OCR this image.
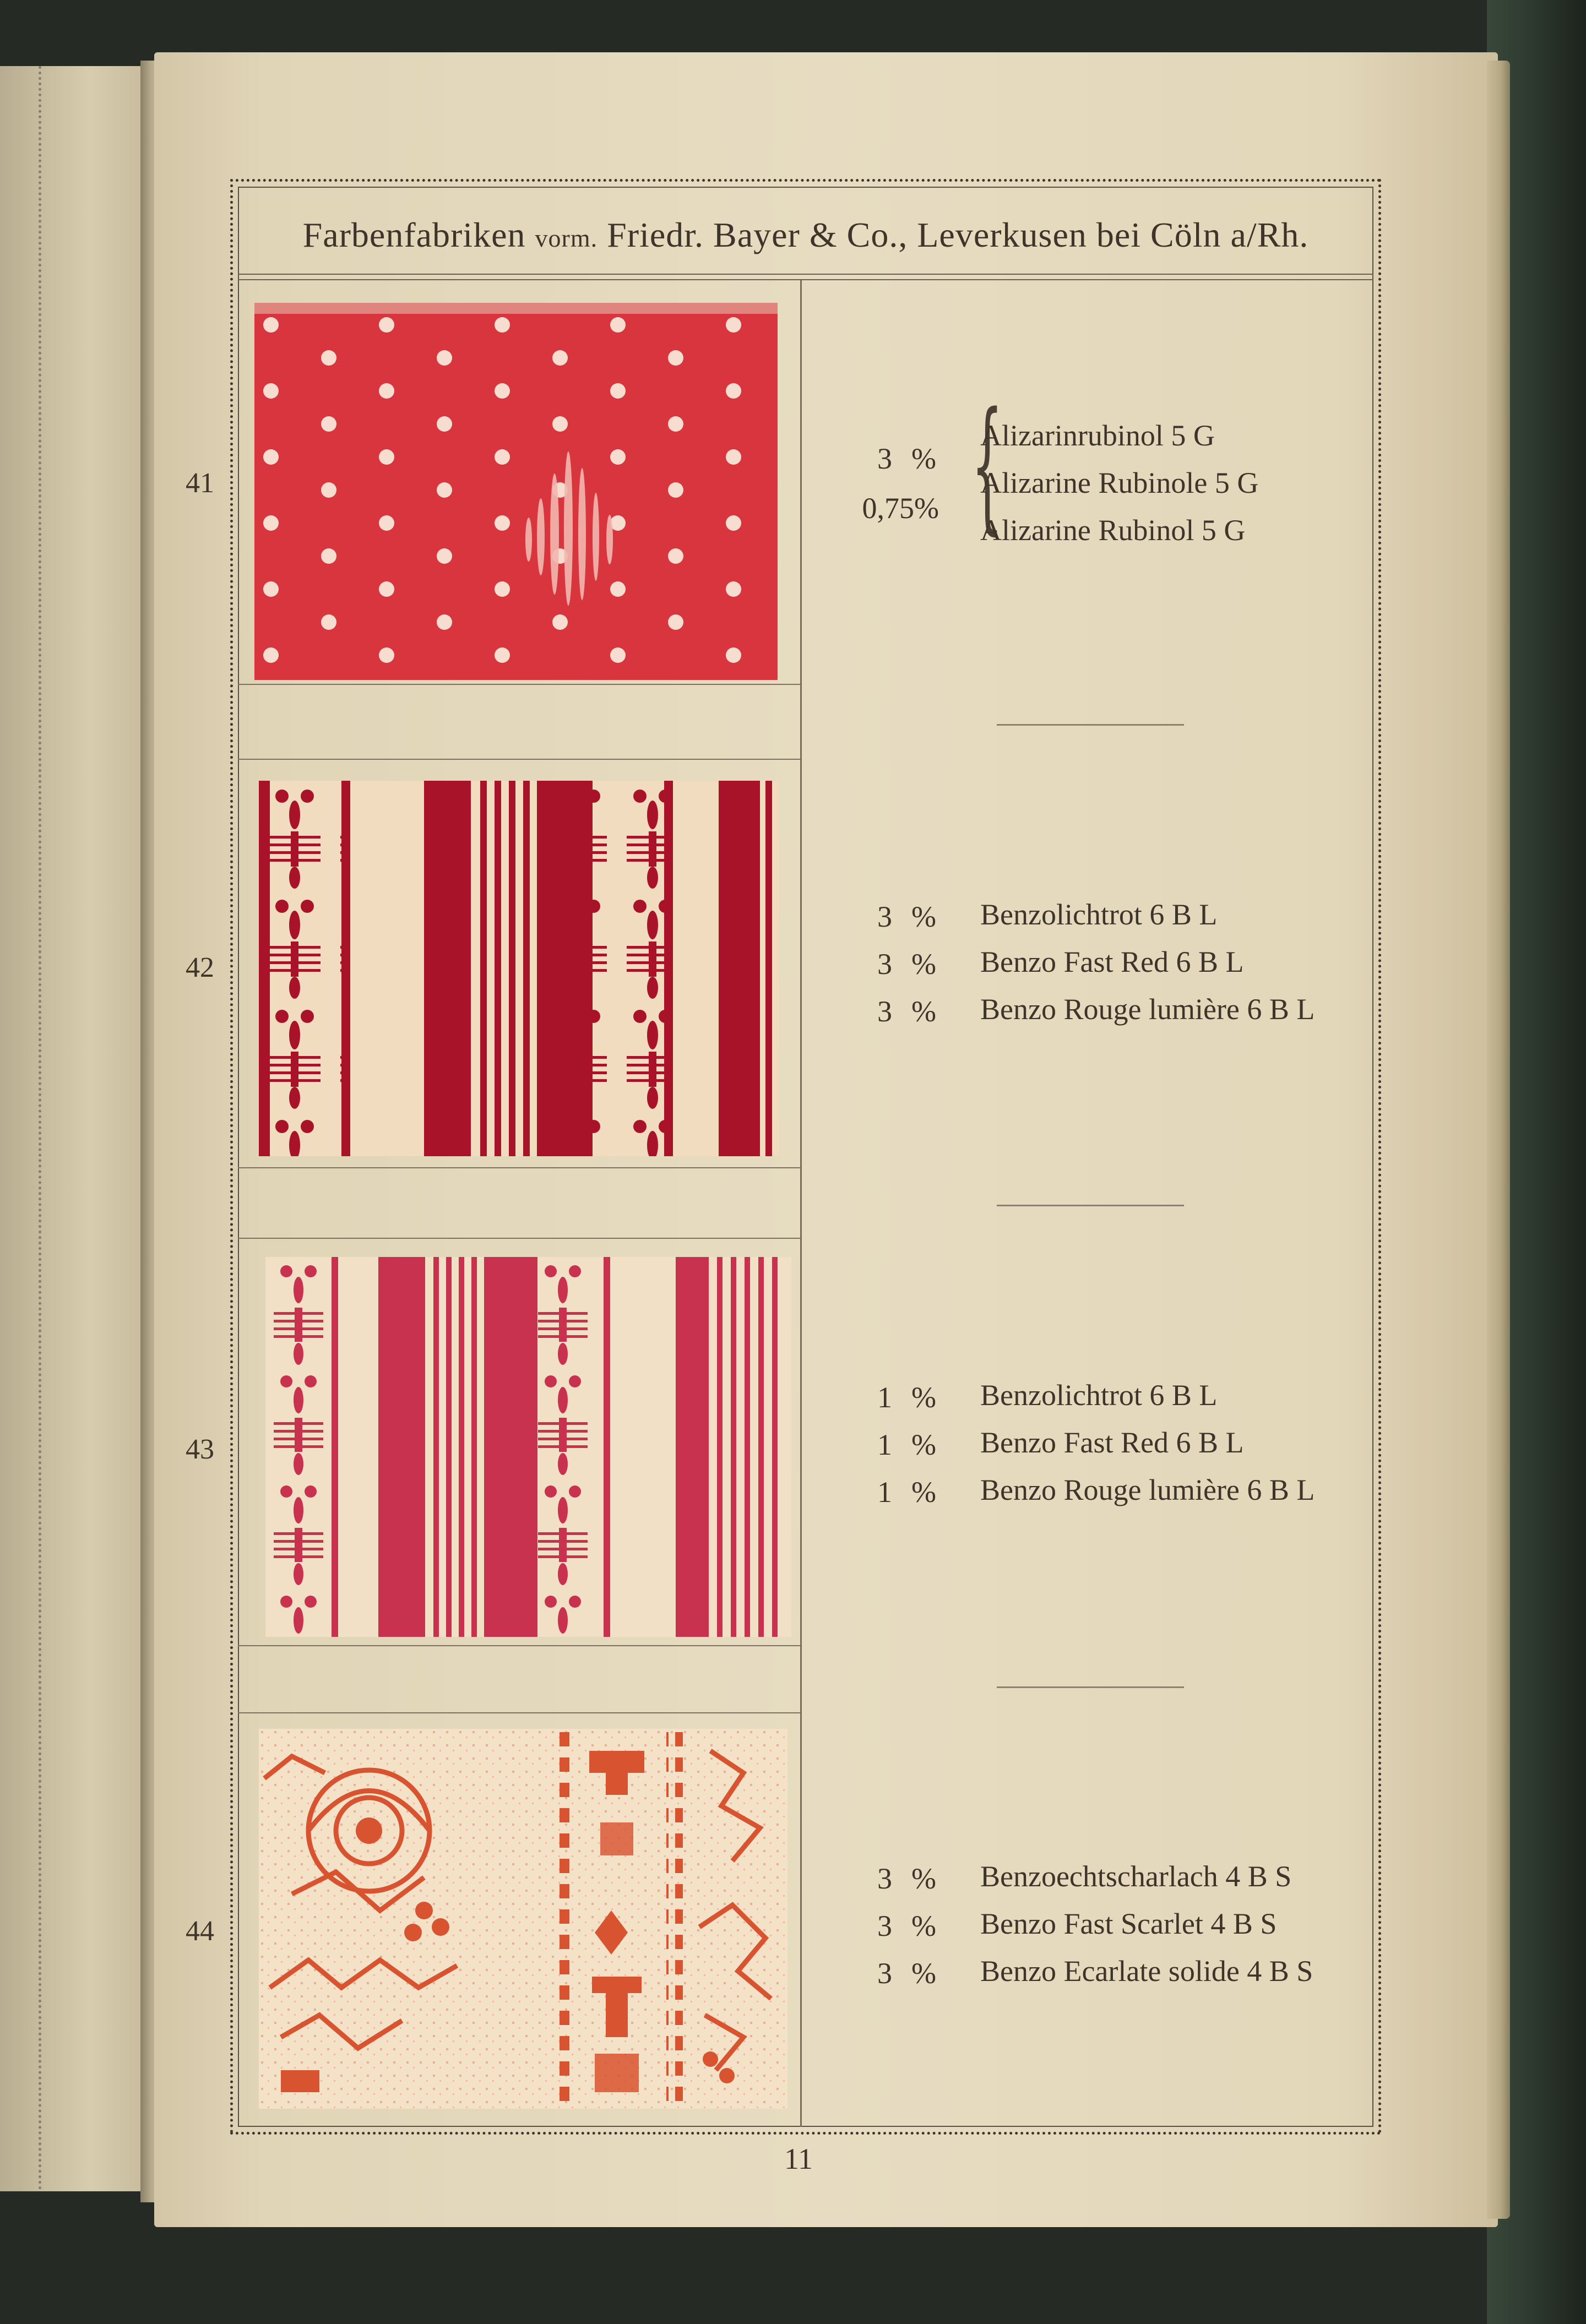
Farbenfabriken vorm. Friedr. Bayer & Co., Leverkusen bei Cöln a/Rh.
41
42
43
44
3 %
0,75 % {
Alizarinrubinol 5 G
Alizarine Rubinole 5 G
Alizarine Rubinol 5 G
3 %
3 %
3 %
Benzolichtrot 6 B L
Benzo Fast Red 6 B L
Benzo Rouge lumière 6 B L
1 %
1 %
1 %
Benzolichtrot 6 B L
Benzo Fast Red 6 B L
Benzo Rouge lumière 6 B L
3 %
3 %
3 %
Benzoechtscharlach 4 B S
Benzo Fast Scarlet 4 B S
Benzo Ecarlate solide 4 B S
11
